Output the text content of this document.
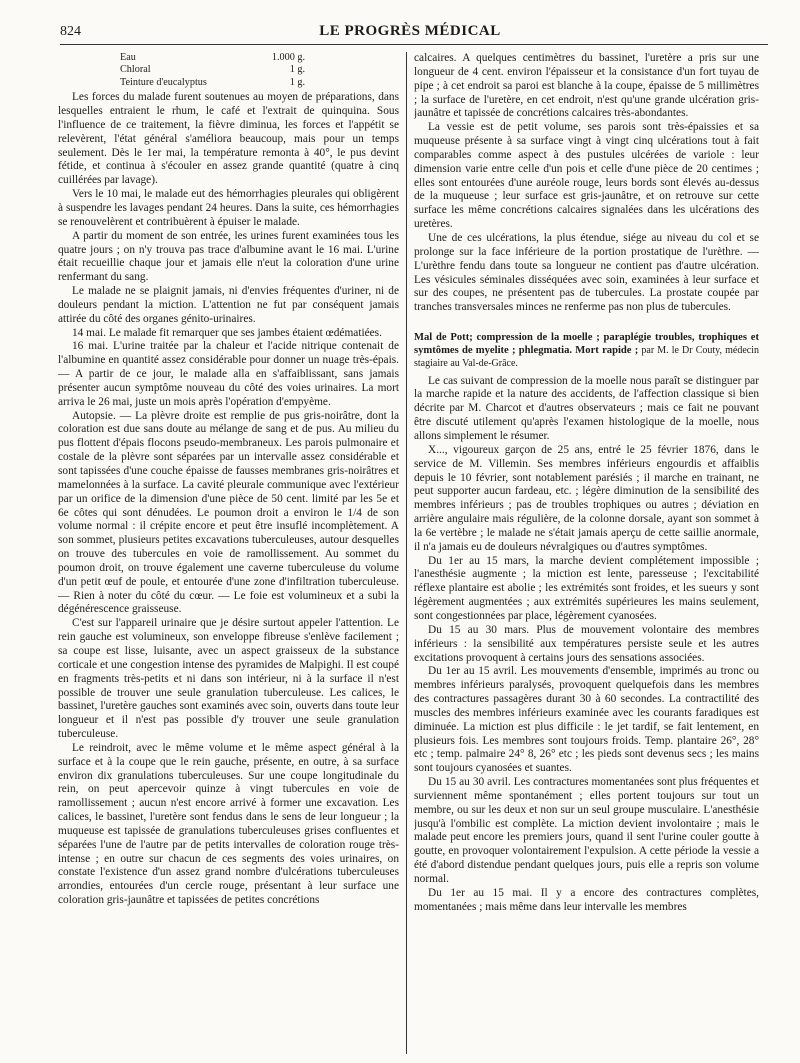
824	LE PROGRÈS MÉDICAL
Eau	1.000 g.
Chloral	1 g.
Teinture d'eucalyptus	1 g.

Les forces du malade furent soutenues au moyen de préparations, dans lesquelles entraient le rhum, le café et l'extrait de quinquina. Sous l'influence de ce traitement, la fièvre diminua, les forces et l'appétit se relevèrent, l'état général s'améliora beaucoup, mais pour un temps seulement. Dès le 1er mai, la température remonta à 40°, le pus devint fétide, et continua à s'écouler en assez grande quantité (quatre à cinq cuillérées par lavage).

Vers le 10 mai, le malade eut des hémorrhagies pleurales qui obligèrent à suspendre les lavages pendant 24 heures. Dans la suite, ces hémorrhagies se renouvelèrent et contribuèrent à épuiser le malade.

A partir du moment de son entrée, les urines furent examinées tous les quatre jours ; on n'y trouva pas trace d'albumine avant le 16 mai. L'urine était recueillie chaque jour et jamais elle n'eut la coloration d'une urine renfermant du sang.

Le malade ne se plaignit jamais, ni d'envies fréquentes d'uriner, ni de douleurs pendant la miction. L'attention ne fut par conséquent jamais attirée du côté des organes génito-urinaires.

14 mai. Le malade fit remarquer que ses jambes étaient œdématiées.

16 mai. L'urine traitée par la chaleur et l'acide nitrique contenait de l'albumine en quantité assez considérable pour donner un nuage très-épais. — A partir de ce jour, le malade alla en s'affaiblissant, sans jamais présenter aucun symptôme nouveau du côté des voies urinaires. La mort arriva le 26 mai, juste un mois après l'opération d'empyème.

Autopsie. — La plèvre droite est remplie de pus gris-noirâtre, dont la coloration est due sans doute au mélange de sang et de pus. Au milieu du pus flottent d'épais flocons pseudo-membraneux. Les parois pulmonaire et costale de la plèvre sont séparées par un intervalle assez considérable et sont tapissées d'une couche épaisse de fausses membranes gris-noirâtres et mamelonnées à la surface. La cavité pleurale communique avec l'extérieur par un orifice de la dimension d'une pièce de 50 cent. limité par les 5e et 6e côtes qui sont dénudées. Le poumon droit a environ le 1/4 de son volume normal : il crépite encore et peut être insuflé incomplètement. A son sommet, plusieurs petites excavations tuberculeuses, autour desquelles on trouve des tubercules en voie de ramollissement. Au sommet du poumon droit, on trouve également une caverne tuberculeuse du volume d'un petit œuf de poule, et entourée d'une zone d'infiltration tuberculeuse. — Rien à noter du côté du cœur. — Le foie est volumineux et a subi la dégénérescence graisseuse.

C'est sur l'appareil urinaire que je désire surtout appeler l'attention. Le rein gauche est volumineux, son enveloppe fibreuse s'enlève facilement ; sa coupe est lisse, luisante, avec un aspect graisseux de la substance corticale et une congestion intense des pyramides de Malpighi. Il est coupé en fragments très-petits et ni dans son intérieur, ni à la surface il n'est possible de trouver une seule granulation tuberculeuse. Les calices, le bassinet, l'uretère gauches sont examinés avec soin, ouverts dans toute leur longueur et il n'est pas possible d'y trouver une seule granulation tuberculeuse.

Le reindroit, avec le même volume et le même aspect général à la surface et à la coupe que le rein gauche, présente, en outre, à sa surface environ dix granulations tuberculeuses. Sur une coupe longitudinale du rein, on peut apercevoir quinze à vingt tubercules en voie de ramollissement ; aucun n'est encore arrivé à former une excavation. Les calices, le bassinet, l'uretère sont fendus dans le sens de leur longueur ; la muqueuse est tapissée de granulations tuberculeuses grises confluentes et séparées l'une de l'autre par de petits intervalles de coloration rouge très-intense ; en outre sur chacun de ces segments des voies urinaires, on constate l'existence d'un assez grand nombre d'ulcérations tuberculeuses arrondies, entourées d'un cercle rouge, présentant à leur surface une coloration gris-jaunâtre et tapissées de petites concrétions

calcaires. A quelques centimètres du bassinet, l'uretère a pris sur une longueur de 4 cent. environ l'épaisseur et la consistance d'un fort tuyau de pipe ; à cet endroit sa paroi est blanche à la coupe, épaisse de 5 millimètres ; la surface de l'uretère, en cet endroit, n'est qu'une grande ulcération gris-jaunâtre et tapissée de concrétions calcaires très-abondantes.

La vessie est de petit volume, ses parois sont très-épaissies et sa muqueuse présente à sa surface vingt à vingt cinq ulcérations tout à fait comparables comme aspect à des pustules ulcérées de variole : leur dimension varie entre celle d'un pois et celle d'une pièce de 20 centimes ; elles sont entourées d'une auréole rouge, leurs bords sont élevés au-dessus de la muqueuse ; leur surface est gris-jaunâtre, et on retrouve sur cette surface les même concrétions calcaires signalées dans les ulcérations des uretères.

Une de ces ulcérations, la plus étendue, siége au niveau du col et se prolonge sur la face inférieure de la portion prostatique de l'urèthre. — L'urèthre fendu dans toute sa longueur ne contient pas d'autre ulcération. Les vésicules séminales disséquées avec soin, examinées à leur surface et sur des coupes, ne présentent pas de tubercules. La prostate coupée par tranches transversales minces ne renferme pas non plus de tubercules.

Mal de Pott; compression de la moelle ; paraplégie troubles, trophiques et symtômes de myelite ; phlegmatia. Mort rapide ; par M. le Dr Couty, médecin stagiaire au Val-de-Grâce.

Le cas suivant de compression de la moelle nous paraît se distinguer par la marche rapide et la nature des accidents, de l'affection classique si bien décrite par M. Charcot et d'autres observateurs ; mais ce fait ne pouvant être discuté utilement qu'après l'examen histologique de la moelle, nous allons simplement le résumer.

X..., vigoureux garçon de 25 ans, entré le 25 février 1876, dans le service de M. Villemin. Ses membres inférieurs engourdis et affaiblis depuis le 10 février, sont notablement parésiés ; il marche en trainant, ne peut supporter aucun fardeau, etc. ; légère diminution de la sensibilité des membres inférieurs ; pas de troubles trophiques ou autres ; déviation en arrière angulaire mais régulière, de la colonne dorsale, ayant son sommet à la 6e vertèbre ; le malade ne s'était jamais aperçu de cette saillie anormale, il n'a jamais eu de douleurs névralgiques ou d'autres symptômes.

Du 1er au 15 mars, la marche devient complétement impossible ; l'anesthésie augmente ; la miction est lente, paresseuse ; l'excitabilité réflexe plantaire est abolie ; les extrémités sont froides, et les sueurs y sont légèrement augmentées ; aux extrémités supérieures les mains seulement, sont congestionnées par place, légèrement cyanosées.

Du 15 au 30 mars. Plus de mouvement volontaire des membres inférieurs : la sensibilité aux températures persiste seule et les autres excitations provoquent à certains jours des sensations associées.

Du 1er au 15 avril. Les mouvements d'ensemble, imprimés au tronc ou membres inférieurs paralysés, provoquent quelquefois dans les membres des contractures passagères durant 30 à 60 secondes. La contractilité des muscles des membres inférieurs examinée avec les courants faradiques est diminuée. La miction est plus difficile : le jet tardif, se fait lentement, en plusieurs fois. Les membres sont toujours froids. Temp. plantaire 26°, 28° etc ; temp. palmaire 24° 8, 26° etc ; les pieds sont devenus secs ; les mains sont toujours cyanosées et suantes.

Du 15 au 30 avril. Les contractures momentanées sont plus fréquentes et surviennent même spontanément ; elles portent toujours sur tout un membre, ou sur les deux et non sur un seul groupe musculaire. L'anesthésie jusqu'à l'ombilic est complète. La miction devient involontaire ; mais le malade peut encore les premiers jours, quand il sent l'urine couler goutte à goutte, en provoquer volontairement l'expulsion. A cette période la vessie a été d'abord distendue pendant quelques jours, puis elle a repris son volume normal.

Du 1er au 15 mai. Il y a encore des contractures complètes, momentanées ; mais même dans leur intervalle les membres
